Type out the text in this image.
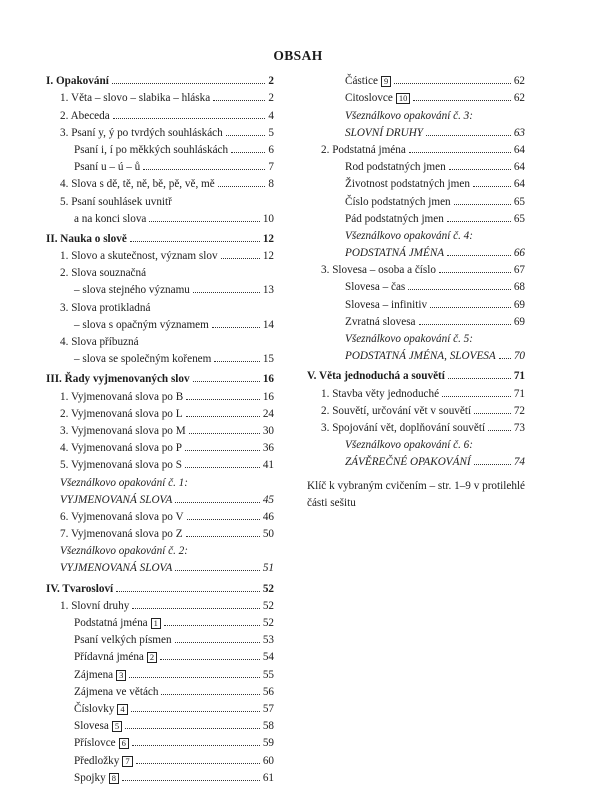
OBSAH
I. Opakování	2
1. Věta – slovo – slabika – hláska	2
2. Abeceda	4
3. Psaní y, ý po tvrdých souhláskách	5
Psaní i, í po měkkých souhláskách	6
Psaní u – ú – ů	7
4. Slova s dě, tě, ně, bě, pě, vě, mě	8
5. Psaní souhlásek uvnitř
a na konci slova	10
II. Nauka o slově	12
1. Slovo a skutečnost, význam slov	12
2. Slova souznačná
– slova stejného významu	13
3. Slova protikladná
– slova s opačným významem	14
4. Slova příbuzná
– slova se společným kořenem	15
III. Řady vyjmenovaných slov	16
1. Vyjmenovaná slova po B	16
2. Vyjmenovaná slova po L	24
3. Vyjmenovaná slova po M	30
4. Vyjmenovaná slova po P	36
5. Vyjmenovaná slova po S	41
Všeználkovo opakování č. 1:
VYJMENOVANÁ SLOVA	45
6. Vyjmenovaná slova po V	46
7. Vyjmenovaná slova po Z	50
Všeználkovo opakování č. 2:
VYJMENOVANÁ SLOVA	51
IV. Tvarosloví	52
1. Slovní druhy	52
Podstatná jména 1	52
Psaní velkých písmen	53
Přídavná jména 2	54
Zájmena 3	55
Zájmena ve větách	56
Číslovky 4	57
Slovesa 5	58
Příslovce 6	59
Předložky 7	60
Spojky 8	61
Částice 9	62
Citoslovce 10	62
Všeználkovo opakování č. 3:
SLOVNÍ DRUHY	63
2. Podstatná jména	64
Rod podstatných jmen	64
Životnost podstatných jmen	64
Číslo podstatných jmen	65
Pád podstatných jmen	65
Všeználkovo opakování č. 4:
PODSTATNÁ JMÉNA	66
3. Slovesa – osoba a číslo	67
Slovesa – čas	68
Slovesa – infinitiv	69
Zvratná slovesa	69
Všeználkovo opakování č. 5:
PODSTATNÁ JMÉNA, SLOVESA 70
V. Věta jednoduchá a souvětí	71
1. Stavba věty jednoduché	71
2. Souvětí, určování vět v souvětí	72
3. Spojování vět, doplňování souvětí	73
Všeználkovo opakování č. 6:
ZÁVĚREČNÉ OPAKOVÁNÍ	74
Klíč k vybraným cvičením – str. 1–9 v protilehlé části sešitu
